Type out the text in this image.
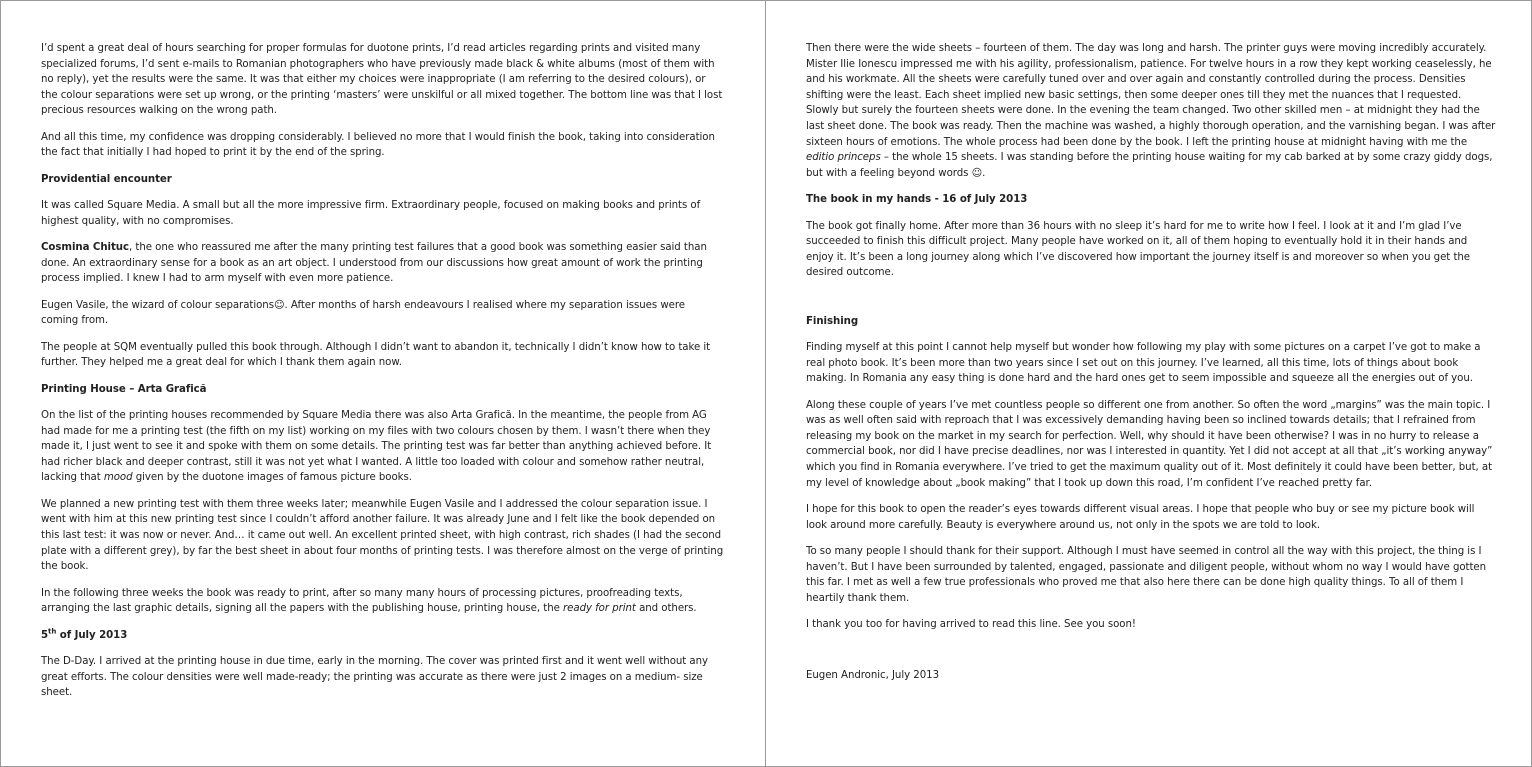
I’d spent a great deal of hours searching for proper formulas for duotone prints, I’d read articles regarding prints and visited many specialized forums, I’d sent e-mails to Romanian photographers who have previously made black & white albums (most of them with no reply), yet the results were the same. It was that either my choices were inappropriate (I am referring to the desired colours), or the colour separations were set up wrong, or the printing ‘masters’ were unskilful or all mixed together. The bottom line was that I lost precious resources walking on the wrong path.

And all this time, my confidence was dropping considerably. I believed no more that I would finish the book, taking into consideration the fact that initially I had hoped to print it by the end of the spring.

Providential encounter

It was called Square Media. A small but all the more impressive firm. Extraordinary people, focused on making books and prints of highest quality, with no compromises.

Cosmina Chituc, the one who reassured me after the many printing test failures that a good book was something easier said than done. An extraordinary sense for a book as an art object. I understood from our discussions how great amount of work the printing process implied. I knew I had to arm myself with even more patience.

Eugen Vasile, the wizard of colour separations☺. After months of harsh endeavours I realised where my separation issues were coming from.

The people at SQM eventually pulled this book through. Although I didn’t want to abandon it, technically I didn’t know how to take it further. They helped me a great deal for which I thank them again now.

Printing House – Arta Grafică

On the list of the printing houses recommended by Square Media there was also Arta Grafică. In the meantime, the people from AG had made for me a printing test (the fifth on my list) working on my files with two colours chosen by them. I wasn’t there when they made it, I just went to see it and spoke with them on some details. The printing test was far better than anything achieved before. It had richer black and deeper contrast, still it was not yet what I wanted. A little too loaded with colour and somehow rather neutral, lacking that mood given by the duotone images of famous picture books.

We planned a new printing test with them three weeks later; meanwhile Eugen Vasile and I addressed the colour separation issue. I went with him at this new printing test since I couldn’t afford another failure. It was already June and I felt like the book depended on this last test: it was now or never. And… it came out well. An excellent printed sheet, with high contrast, rich shades (I had the second plate with a different grey), by far the best sheet in about four months of printing tests. I was therefore almost on the verge of printing the book.

In the following three weeks the book was ready to print, after so many many hours of processing pictures, proofreading texts, arranging the last graphic details, signing all the papers with the publishing house, printing house, the ready for print and others.

5th of July 2013

The D-Day. I arrived at the printing house in due time, early in the morning. The cover was printed first and it went well without any great efforts. The colour densities were well made-ready; the printing was accurate as there were just 2 images on a medium- size sheet.

Then there were the wide sheets – fourteen of them. The day was long and harsh. The printer guys were moving incredibly accurately. Mister Ilie Ionescu impressed me with his agility, professionalism, patience. For twelve hours in a row they kept working ceaselessly, he and his workmate. All the sheets were carefully tuned over and over again and constantly controlled during the process. Densities shifting were the least. Each sheet implied new basic settings, then some deeper ones till they met the nuances that I requested. Slowly but surely the fourteen sheets were done. In the evening the team changed. Two other skilled men – at midnight they had the last sheet done. The book was ready. Then the machine was washed, a highly thorough operation, and the varnishing began. I was after sixteen hours of emotions. The whole process had been done by the book. I left the printing house at midnight having with me the editio princeps – the whole 15 sheets. I was standing before the printing house waiting for my cab barked at by some crazy giddy dogs, but with a feeling beyond words ☺.

The book in my hands - 16 of July 2013

The book got finally home. After more than 36 hours with no sleep it’s hard for me to write how I feel. I look at it and I’m glad I’ve succeeded to finish this difficult project. Many people have worked on it, all of them hoping to eventually hold it in their hands and enjoy it. It’s been a long journey along which I’ve discovered how important the journey itself is and moreover so when you get the desired outcome.

Finishing

Finding myself at this point I cannot help myself but wonder how following my play with some pictures on a carpet I’ve got to make a real photo book. It’s been more than two years since I set out on this journey. I’ve learned, all this time, lots of things about book making. In Romania any easy thing is done hard and the hard ones get to seem impossible and squeeze all the energies out of you.

Along these couple of years I’ve met countless people so different one from another. So often the word „margins” was the main topic. I was as well often said with reproach that I was excessively demanding having been so inclined towards details; that I refrained from releasing my book on the market in my search for perfection. Well, why should it have been otherwise? I was in no hurry to release a commercial book, nor did I have precise deadlines, nor was I interested in quantity. Yet I did not accept at all that „it’s working anyway” which you find in Romania everywhere. I’ve tried to get the maximum quality out of it. Most definitely it could have been better, but, at my level of knowledge about „book making” that I took up down this road, I’m confident I’ve reached pretty far.

I hope for this book to open the reader’s eyes towards different visual areas. I hope that people who buy or see my picture book will look around more carefully. Beauty is everywhere around us, not only in the spots we are told to look.

To so many people I should thank for their support. Although I must have seemed in control all the way with this project, the thing is I haven’t. But I have been surrounded by talented, engaged, passionate and diligent people, without whom no way I would have gotten this far. I met as well a few true professionals who proved me that also here there can be done high quality things. To all of them I heartily thank them.

I thank you too for having arrived to read this line. See you soon!

Eugen Andronic, July 2013
